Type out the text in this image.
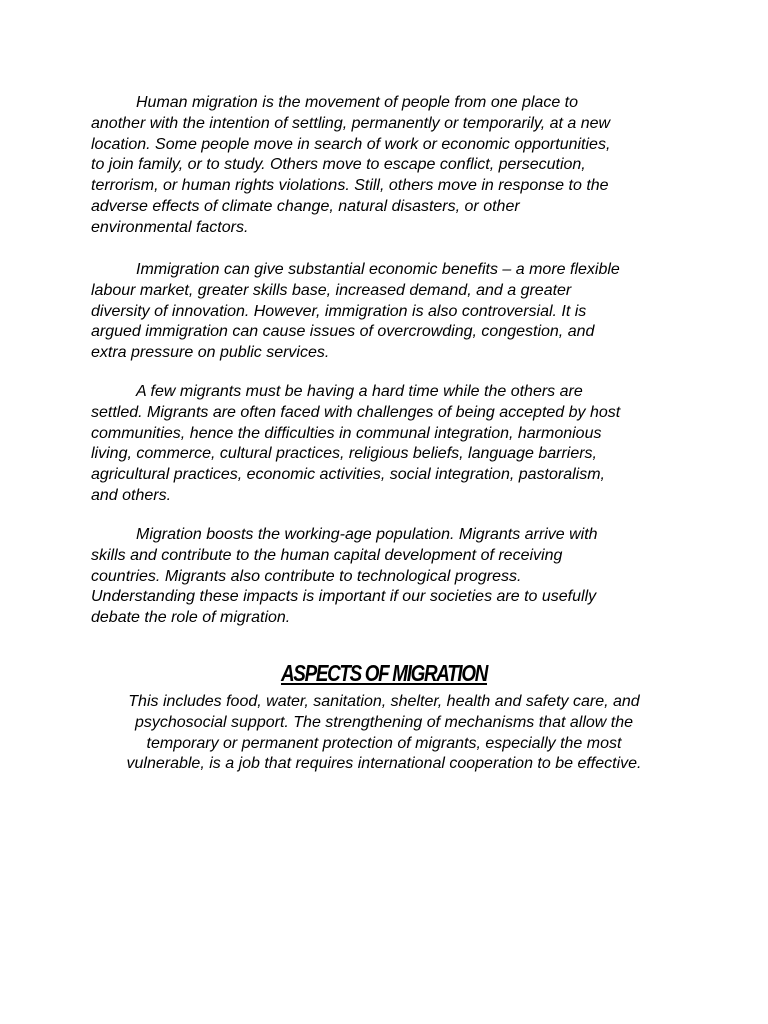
Human migration is the movement of people from one place to
another with the intention of settling, permanently or temporarily, at a new
location. Some people move in search of work or economic opportunities,
to join family, or to study. Others move to escape conflict, persecution,
terrorism, or human rights violations. Still, others move in response to the
adverse effects of climate change, natural disasters, or other
environmental factors.

Immigration can give substantial economic benefits – a more flexible
labour market, greater skills base, increased demand, and a greater
diversity of innovation. However, immigration is also controversial. It is
argued immigration can cause issues of overcrowding, congestion, and
extra pressure on public services.

A few migrants must be having a hard time while the others are
settled. Migrants are often faced with challenges of being accepted by host
communities, hence the difficulties in communal integration, harmonious
living, commerce, cultural practices, religious beliefs, language barriers,
agricultural practices, economic activities, social integration, pastoralism,
and others.

Migration boosts the working-age population. Migrants arrive with
skills and contribute to the human capital development of receiving
countries. Migrants also contribute to technological progress.
Understanding these impacts is important if our societies are to usefully
debate the role of migration.

ASPECTS OF MIGRATION

This includes food, water, sanitation, shelter, health and safety care, and
psychosocial support. The strengthening of mechanisms that allow the
temporary or permanent protection of migrants, especially the most
vulnerable, is a job that requires international cooperation to be effective.
